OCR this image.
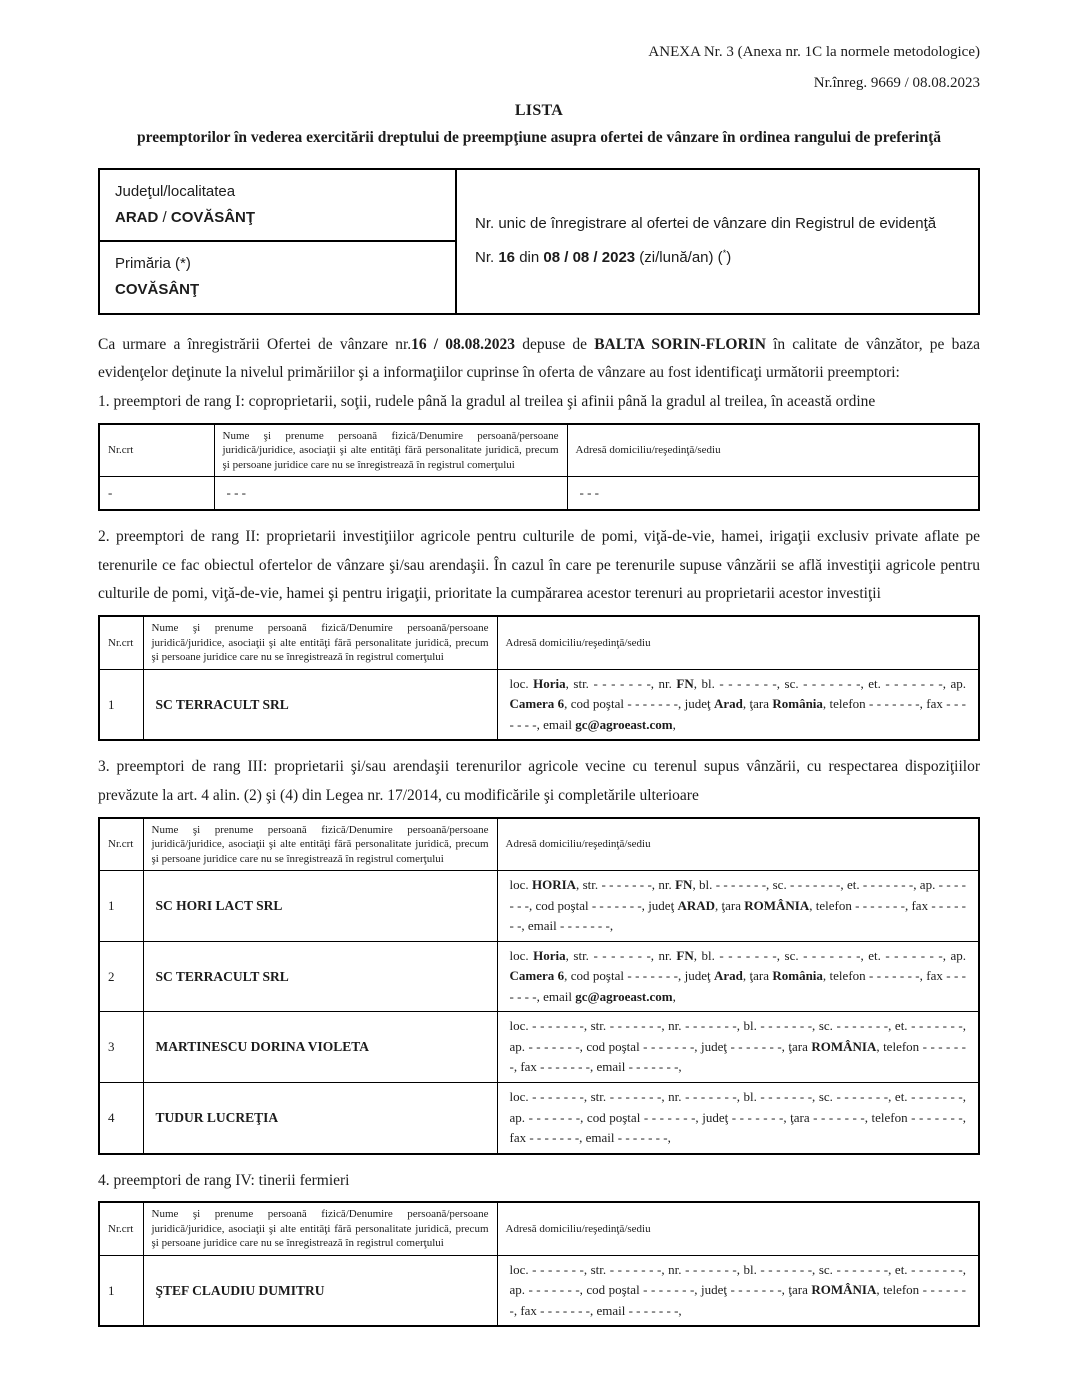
ANEXA Nr. 3 (Anexa nr. 1C la normele metodologice)
Nr.înreg. 9669 / 08.08.2023
LISTA
preemptorilor în vederea exercitării dreptului de preempţiune asupra ofertei de vânzare în ordinea rangului de preferinţă
Judeţul/localitatea
ARAD / COVĂSÂNŢ	Nr. unic de înregistrare al ofertei de vânzare din Registrul de evidenţă
Nr. 16 din 08 / 08 / 2023 (zi/lună/an) (*)

Primăria (*)
COVĂSÂNŢ

Ca urmare a înregistrării Ofertei de vânzare nr.16 / 08.08.2023 depuse de BALTA SORIN-FLORIN în calitate de vânzător, pe baza evidenţelor deţinute la nivelul primăriilor şi a informaţiilor cuprinse în oferta de vânzare au fost identificaţi următorii preemptori:

1. preemptori de rang I: coproprietarii, soţii, rudele până la gradul al treilea şi afinii până la gradul al treilea, în această ordine

Nr.crt	Nume şi prenume persoană fizică/Denumire persoană/persoane juridică/juridice, asociaţii şi alte entităţi fără personalitate juridică, precum şi persoane juridice care nu se înregistrează în registrul comerţului	Adresă domiciliu/reşedinţă/sediu
-	- - -	- - -

2. preemptori de rang II: proprietarii investiţiilor agricole pentru culturile de pomi, viţă-de-vie, hamei, irigaţii exclusiv private aflate pe terenurile ce fac obiectul ofertelor de vânzare şi/sau arendaşii. În cazul în care pe terenurile supuse vânzării se află investiţii agricole pentru culturile de pomi, viţă-de-vie, hamei şi pentru irigaţii, prioritate la cumpărarea acestor terenuri au proprietarii acestor investiţii

Nr.crt	Nume şi prenume persoană fizică/Denumire persoană/persoane juridică/juridice, asociaţii şi alte entităţi fără personalitate juridică, precum şi persoane juridice care nu se înregistrează în registrul comerţului	Adresă domiciliu/reşedinţă/sediu
1	SC TERRACULT SRL	loc. Horia, str. - - - - - - -, nr. FN, bl. - - - - - - -, sc. - - - - - - -, et. - - - - - - -, ap. Camera 6, cod poştal - - - - - - -, judeţ Arad, ţara România, telefon - - - - - - -, fax - - - - - - -, email gc@agroeast.com,

3. preemptori de rang III: proprietarii şi/sau arendaşii terenurilor agricole vecine cu terenul supus vânzării, cu respectarea dispoziţiilor prevăzute la art. 4 alin. (2) şi (4) din Legea nr. 17/2014, cu modificările şi completările ulterioare

Nr.crt	Nume şi prenume persoană fizică/Denumire persoană/persoane juridică/juridice, asociaţii şi alte entităţi fără personalitate juridică, precum şi persoane juridice care nu se înregistrează în registrul comerţului	Adresă domiciliu/reşedinţă/sediu
1	SC HORI LACT SRL	loc. HORIA, str. - - - - - - -, nr. FN, bl. - - - - - - -, sc. - - - - - - -, et. - - - - - - -, ap. - - - - - - -, cod poştal - - - - - - -, judeţ ARAD, ţara ROMÂNIA, telefon - - - - - - -, fax - - - - - - -, email - - - - - - -,
2	SC TERRACULT SRL	loc. Horia, str. - - - - - - -, nr. FN, bl. - - - - - - -, sc. - - - - - - -, et. - - - - - - -, ap. Camera 6, cod poştal - - - - - - -, judeţ Arad, ţara România, telefon - - - - - - -, fax - - - - - - -, email gc@agroeast.com,
3	MARTINESCU DORINA VIOLETA	loc. - - - - - - -, str. - - - - - - -, nr. - - - - - - -, bl. - - - - - - -, sc. - - - - - - -, et. - - - - - - -, ap. - - - - - - -, cod poştal - - - - - - -, judeţ - - - - - - -, ţara ROMÂNIA, telefon - - - - - - -, fax - - - - - - -, email - - - - - - -,
4	TUDUR LUCREŢIA	loc. - - - - - - -, str. - - - - - - -, nr. - - - - - - -, bl. - - - - - - -, sc. - - - - - - -, et. - - - - - - -, ap. - - - - - - -, cod poştal - - - - - - -, judeţ - - - - - - -, ţara - - - - - - -, telefon - - - - - - -, fax - - - - - - -, email - - - - - - -,

4. preemptori de rang IV: tinerii fermieri

Nr.crt	Nume şi prenume persoană fizică/Denumire persoană/persoane juridică/juridice, asociaţii şi alte entităţi fără personalitate juridică, precum şi persoane juridice care nu se înregistrează în registrul comerţului	Adresă domiciliu/reşedinţă/sediu
1	ŞTEF CLAUDIU DUMITRU	loc. - - - - - - -, str. - - - - - - -, nr. - - - - - - -, bl. - - - - - - -, sc. - - - - - - -, et. - - - - - - -, ap. - - - - - - -, cod poştal - - - - - - -, judeţ - - - - - - -, ţara ROMÂNIA, telefon - - - - - - -, fax - - - - - - -, email - - - - - - -,
